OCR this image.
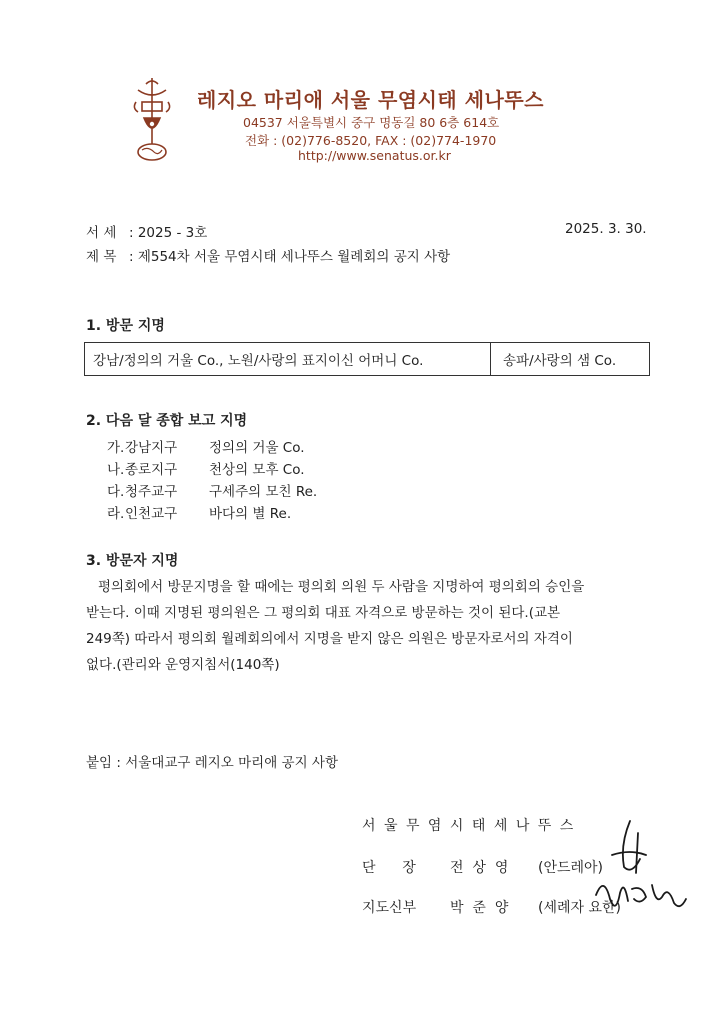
레지오 마리애 서울 무염시태 세나뚜스
04537 서울특별시 중구 명동길 80 6층 614호
전화 : (02)776-8520, FAX : (02)774-1970
http://www.senatus.or.kr
서 세 : 2025 - 3호	2025. 3. 30.
제 목 : 제554차 서울 무염시태 세나뚜스 월례회의 공지 사항
1. 방문 지명
강남/정의의 거울 Co., 노원/사랑의 표지이신 어머니 Co.	송파/사랑의 샘 Co.
2. 다음 달 종합 보고 지명
가.강남지구 정의의 거울 Co.
나.종로지구 천상의 모후 Co.
다.청주교구 구세주의 모친 Re.
라.인천교구 바다의 별 Re.
3. 방문자 지명

평의회에서 방문지명을 할 때에는 평의회 의원 두 사람을 지명하여 평의회의 승인을

받는다. 이때 지명된 평의원은 그 평의회 대표 자격으로 방문하는 것이 된다.(교본

249쪽) 따라서 평의회 월례회의에서 지명을 받지 않은 의원은 방문자로서의 자격이

없다.(관리와 운영지침서(140쪽)

붙임 : 서울대교구 레지오 마리애 공지 사항
서 울 무 염 시 태 세 나 뚜 스
단      장 전  상  영 (안드레아)
지도신부 박  준  양 (세례자 요한)
